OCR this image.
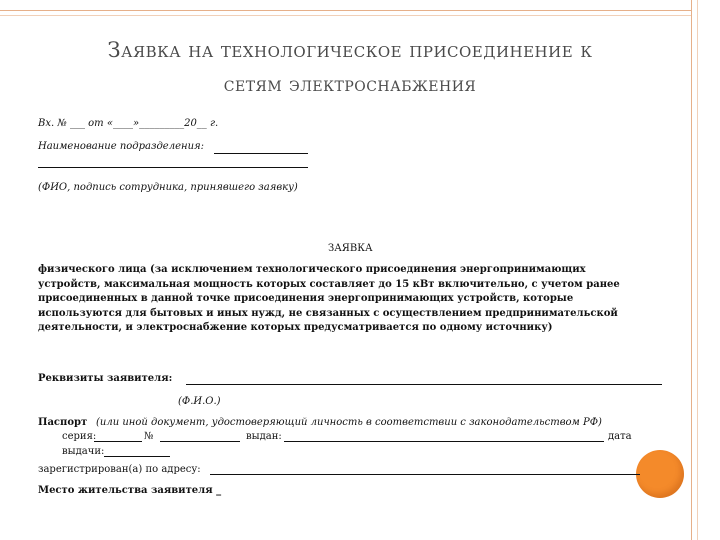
Заявка на технологическое присоединение к
сетям электроснабжения
Вх. № ___ от «____»_________20__ г.
Наименование подразделения:
(ФИО, подпись сотрудника, принявшего заявку)
ЗАЯВКА
физического лица (за исключением технологического присоединения энергопринимающих устройств, максимальная мощность которых составляет до 15 кВт включительно, с учетом ранее присоединенных в данной точке присоединения энергопринимающих устройств, которые используются для бытовых и иных нужд, не связанных с осуществлением предпринимательской деятельности, и электроснабжение которых предусматривается по одному источнику)
Реквизиты заявителя:
(Ф.И.О.)
Паспорт (или иной документ, удостоверяющий личность в соответствии с законодательством РФ)
серия:	№	выдан:	дата
выдачи:
зарегистрирован(а) по адресу:
Место жительства заявителя _
